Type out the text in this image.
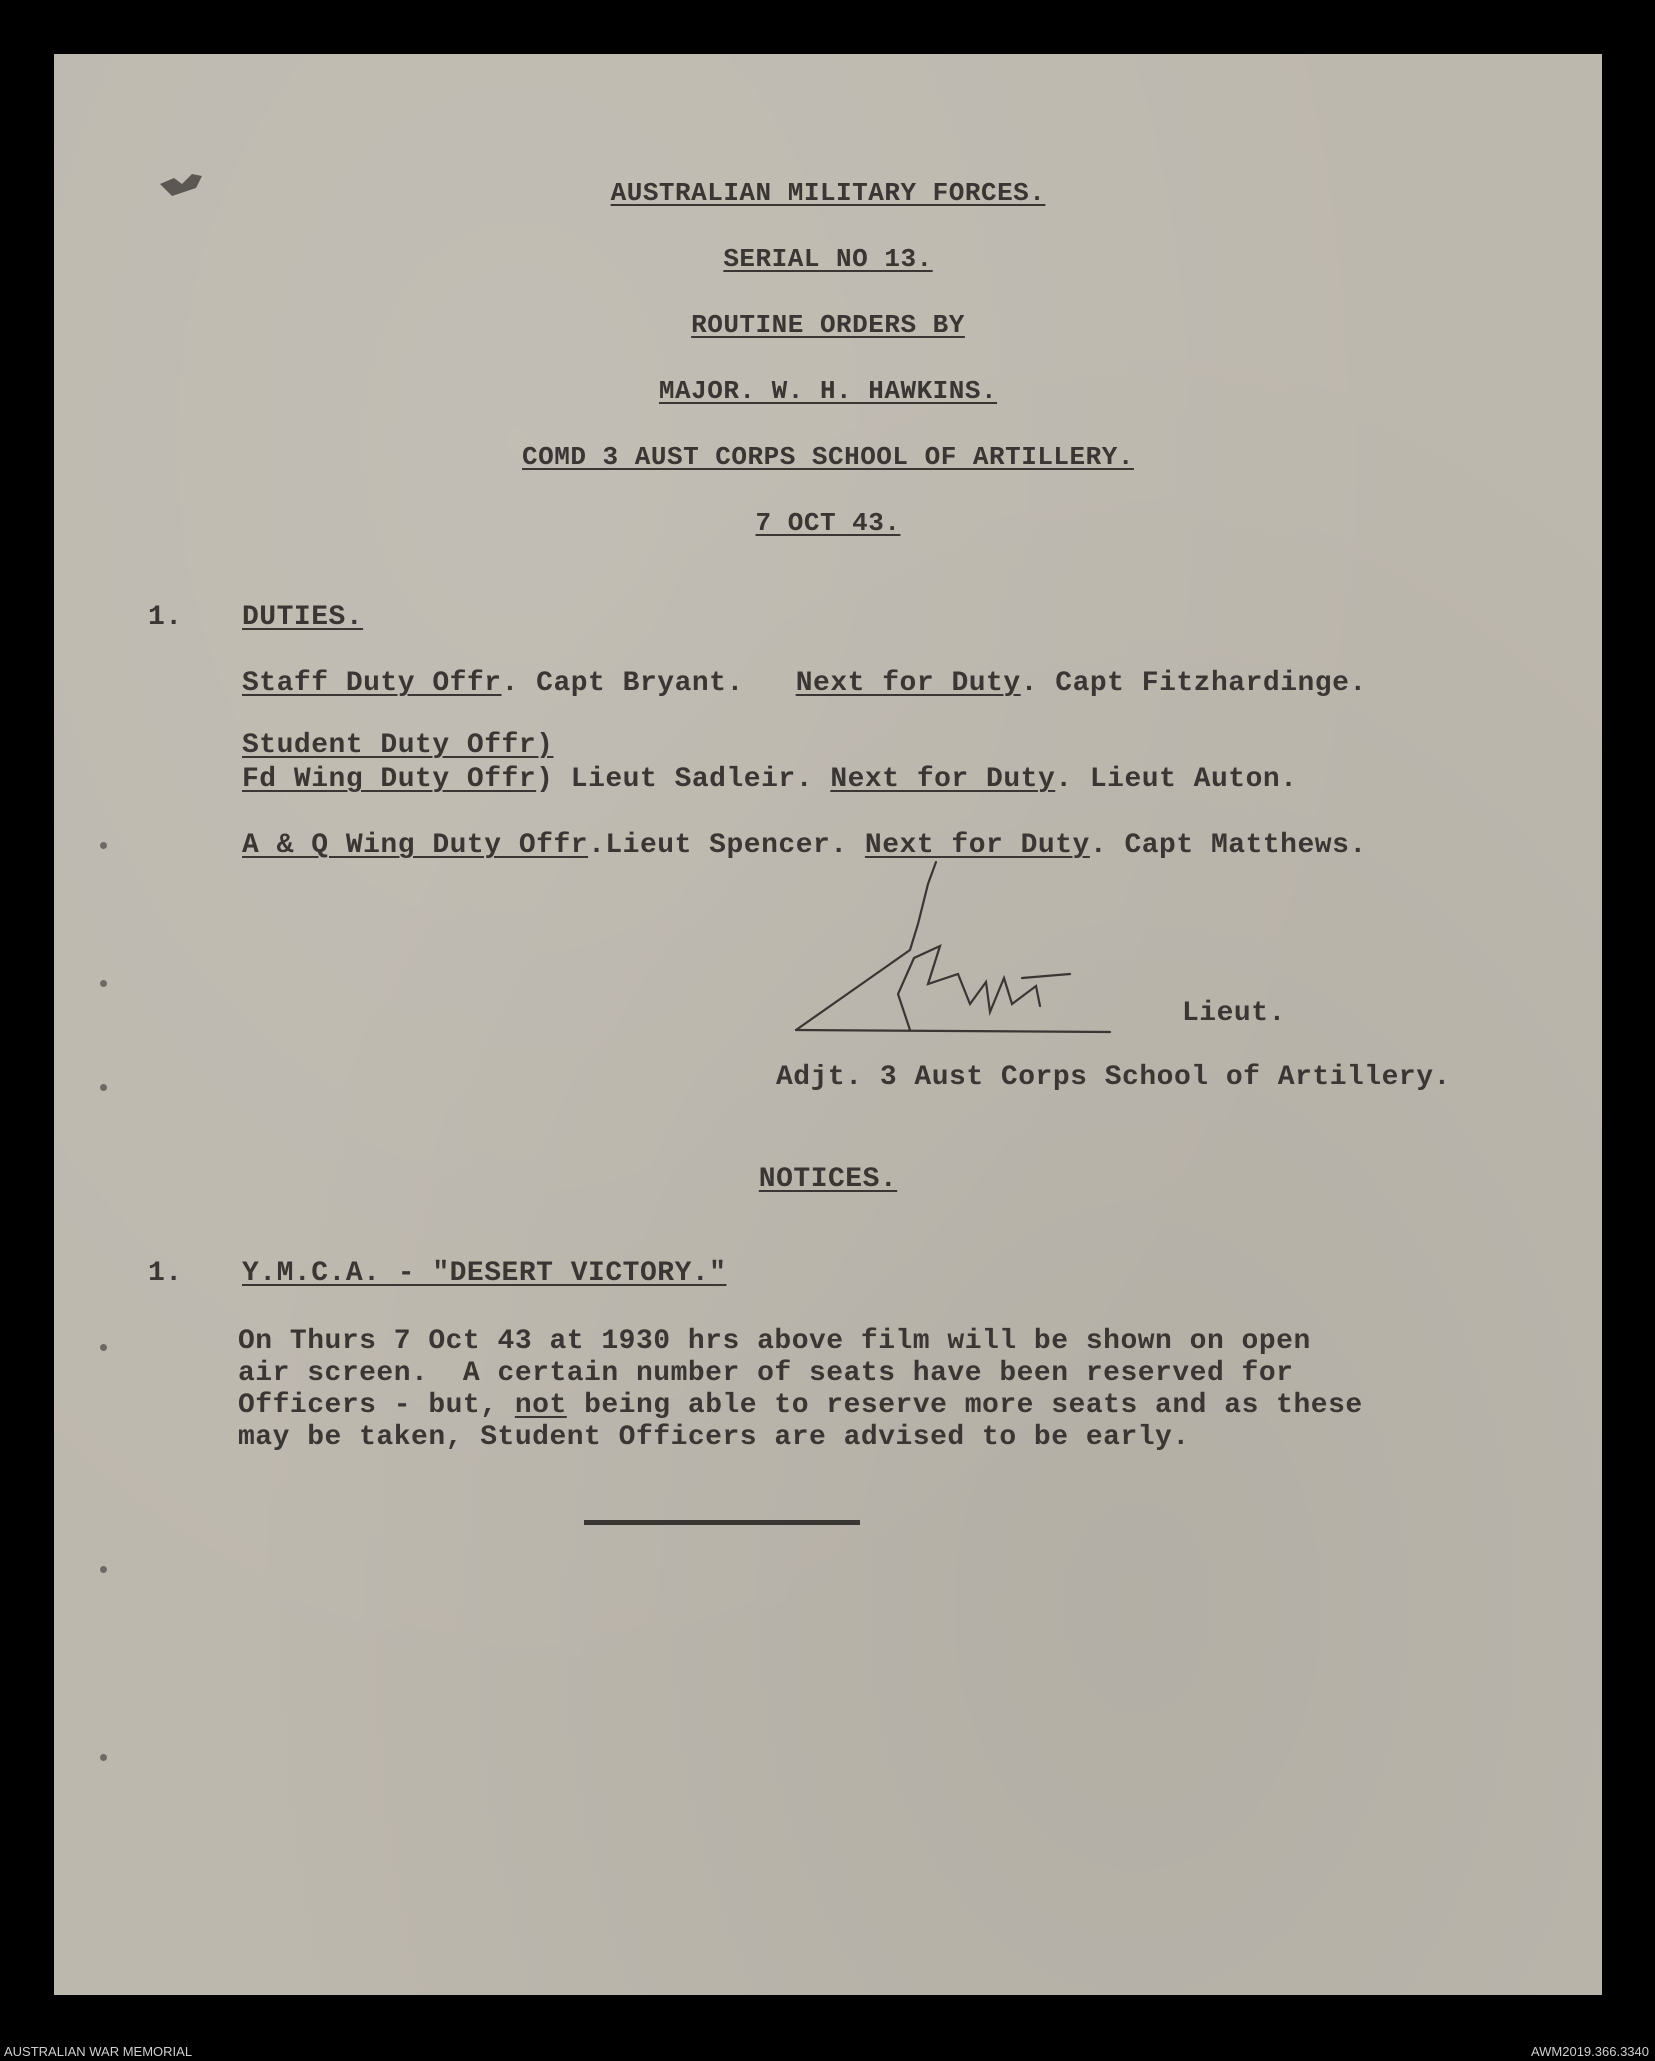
AUSTRALIAN MILITARY FORCES.
SERIAL NO 13.
ROUTINE ORDERS BY
MAJOR. W. H. HAWKINS.
COMD 3 AUST CORPS SCHOOL OF ARTILLERY.
7 OCT 43.
1. DUTIES.
Staff Duty Offr. Capt Bryant. Next for Duty. Capt Fitzhardinge.
Student Duty Offr)
Fd Wing Duty Offr) Lieut Sadleir. Next for Duty. Lieut Auton.
A & Q Wing Duty Offr.Lieut Spencer. Next for Duty. Capt Matthews.
Lieut.
Adjt. 3 Aust Corps School of Artillery.
NOTICES.
1. Y.M.C.A. - "DESERT VICTORY."
On Thurs 7 Oct 43 at 1930 hrs above film will be shown on open
air screen.  A certain number of seats have been reserved for
Officers - but, not being able to reserve more seats and as these
may be taken, Student Officers are advised to be early.
AUSTRALIAN WAR MEMORIAL	AWM2019.366.3340
